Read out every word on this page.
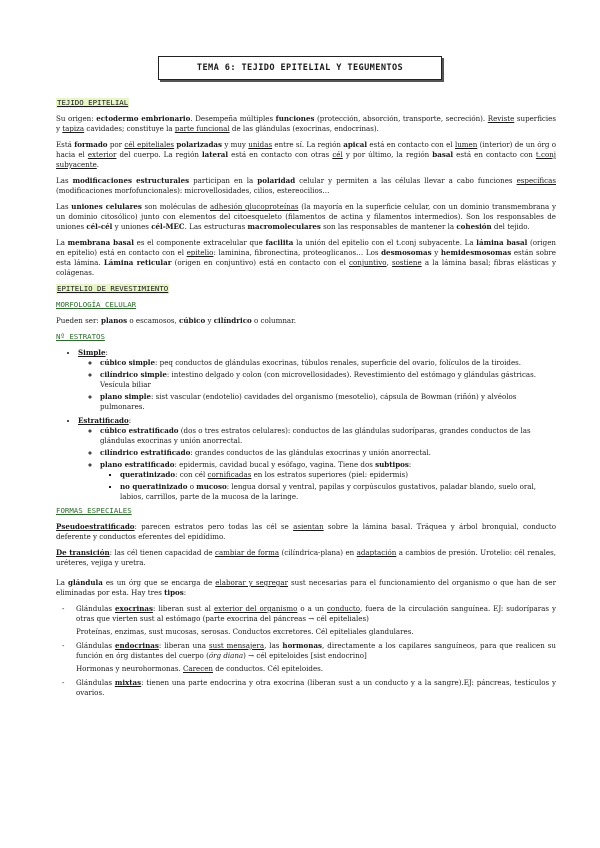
TEMA 6: TEJIDO EPITELIAL Y TEGUMENTOS
TEJIDO EPITELIAL

Su origen: ectodermo embrionario. Desempeña múltiples funciones (protección, absorción, transporte, secreción). Reviste superficies y tapiza cavidades; constituye la parte funcional de las glándulas (exocrinas, endocrinas).

Está formado por cél epiteliales polarizadas y muy unidas entre sí. La región apical está en contacto con el lumen (interior) de un órg o hacia el exterior del cuerpo. La región lateral está en contacto con otras cél y por último, la región basal está en contacto con t.conj subyacente.

Las modificaciones estructurales participan en la polaridad celular y permiten a las células llevar a cabo funciones específicas (modificaciones morfofuncionales): microvellosidades, cilios, estereocilios…

Las uniones celulares son moléculas de adhesión glucoproteínas (la mayoría en la superficie celular, con un dominio transmembrana y un dominio citosólico) junto con elementos del citoesqueleto (filamentos de actina y filamentos intermedios). Son los responsables de uniones cél-cél y uniones cél-MEC. Las estructuras macromoleculares son las responsables de mantener la cohesión del tejido.

La membrana basal es el componente extracelular que facilita la unión del epitelio con el t.conj subyacente. La lámina basal (origen en epitelio) está en contacto con el epitelio: laminina, fibronectina, proteoglicanos… Los desmosomas y hemidesmosomas están sobre esta lámina. Lámina reticular (origen en conjuntivo) está en contacto con el conjuntivo, sostiene a la lámina basal; fibras elásticas y colágenas.

EPITELIO DE REVESTIMIENTO
MORFOLOGÍA CELULAR

Pueden ser: planos o escamosos, cúbico y cilíndrico o columnar.

Nº ESTRATOS
• Simple:
◦ cúbico simple: peq conductos de glándulas exocrinas, túbulos renales, superficie del ovario, folículos de la tiroides.
◦ cilíndrico simple: intestino delgado y colon (con microvellosidades). Revestimiento del estómago y glándulas gástricas. Vesícula biliar
◦ plano simple: sist vascular (endotelio) cavidades del organismo (mesotelio), cápsula de Bowman (riñón) y alvéolos pulmonares.
• Estratificado:
◦ cúbico estratificado (dos o tres estratos celulares): conductos de las glándulas sudoríparas, grandes conductos de las glándulas exocrinas y unión anorrectal.
◦ cilíndrico estratificado: grandes conductos de las glándulas exocrinas y unión anorrectal.
◦ plano estratificado: epidermis, cavidad bucal y esófago, vagina. Tiene dos subtipos:
▪ queratinizado: con cél cornificadas en los estratos superiores (piel: epidermis)
▪ no queratinizado o mucoso: lengua dorsal y ventral, papilas y corpúsculos gustativos, paladar blando, suelo oral, labios, carrillos, parte de la mucosa de la laringe.
FORMAS ESPECIALES

Pseudoestratificado: parecen estratos pero todas las cél se asientan sobre la lámina basal. Tráquea y árbol bronquial, conducto deferente y conductos eferentes del epidídimo.

De transición: las cél tienen capacidad de cambiar de forma (cilíndrica-plana) en adaptación a cambios de presión. Urotelio: cél renales, uréteres, vejiga y uretra.

La glándula es un órg que se encarga de elaborar y segregar sust necesarias para el funcionamiento del organismo o que han de ser eliminadas por esta. Hay tres tipos:

- Glándulas exocrinas: liberan sust al exterior del organismo o a un conducto, fuera de la circulación sanguínea. EJ: sudoríparas y otras que vierten sust al estómago (parte exocrina del páncreas → cél epiteliales)

Proteínas, enzimas, sust mucosas, serosas. Conductos excretores. Cél epiteliales glandulares.

- Glándulas endocrinas: liberan una sust mensajera, las hormonas, directamente a los capilares sanguíneos, para que realicen su función en órg distantes del cuerpo (órg diana) → cél epiteloides [sist endocrino]

Hormonas y neurohormonas. Carecen de conductos. Cél epiteloides.

- Glándulas mixtas: tienen una parte endocrina y otra exocrina (liberan sust a un conducto y a la sangre).EJ: páncreas, testículos y ovarios.
